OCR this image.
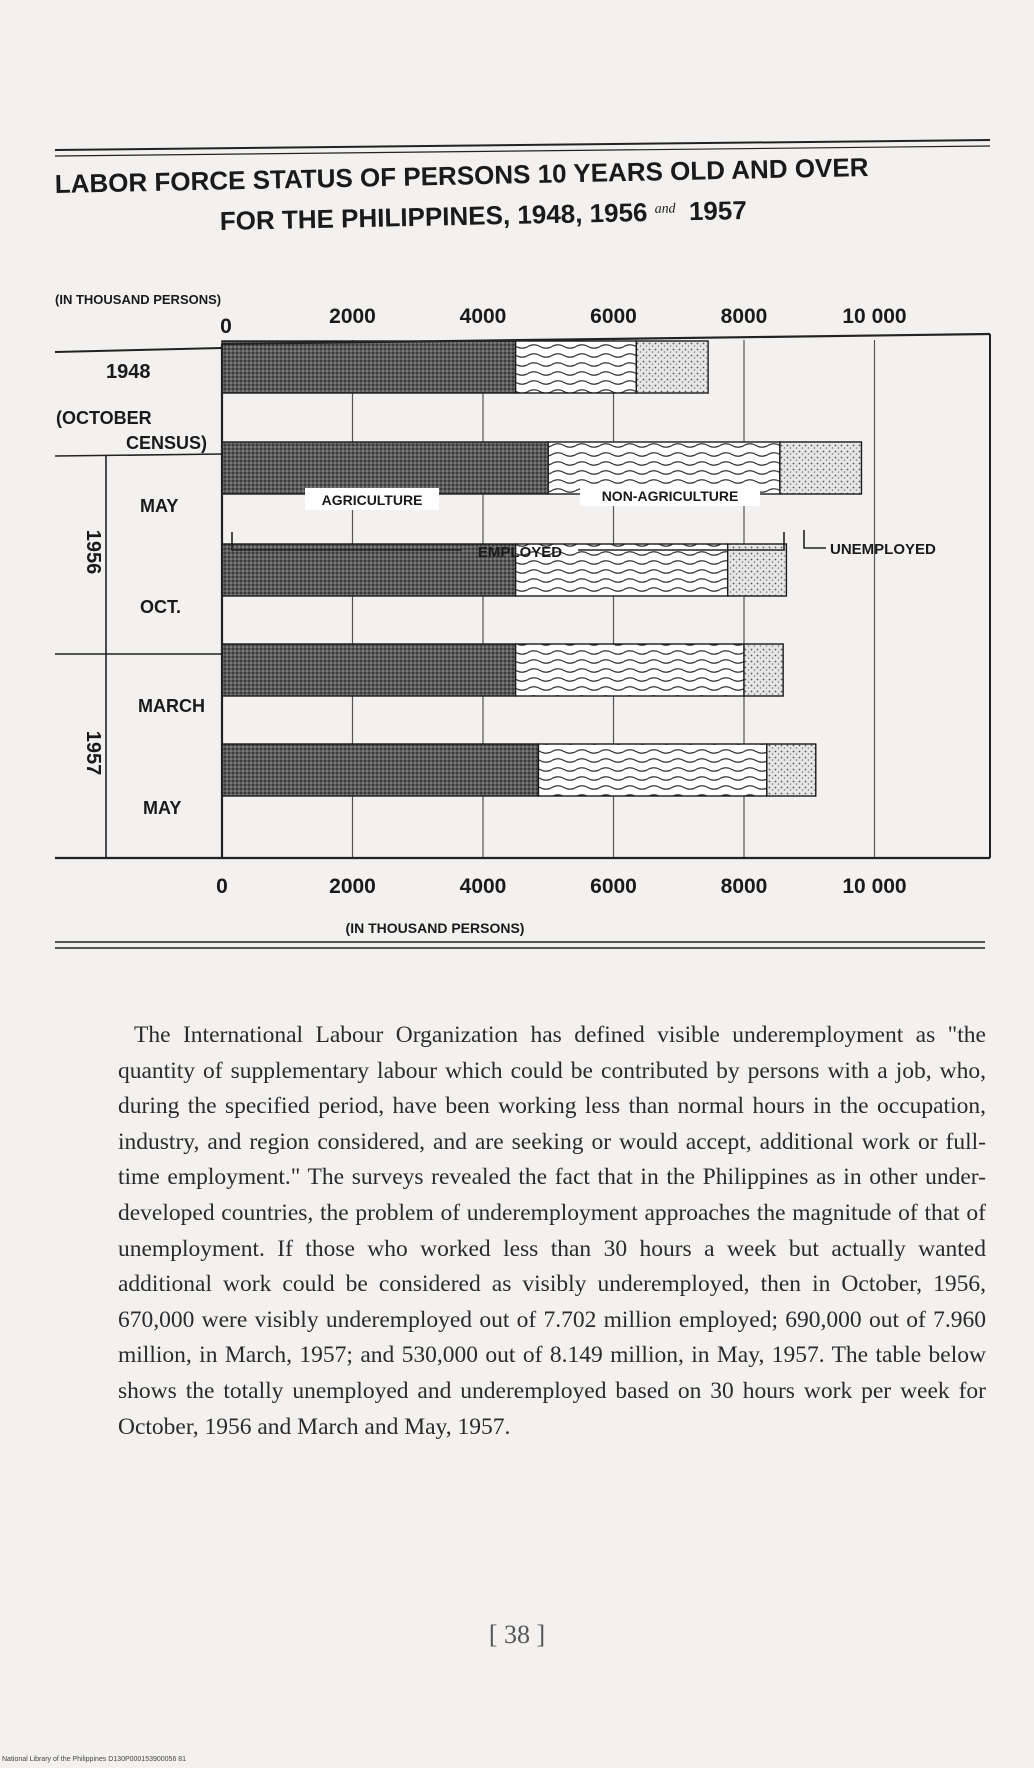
LABOR FORCE STATUS OF PERSONS 10 YEARS OLD AND OVER
FOR THE PHILIPPINES, 1948, 1956 $^{and}$ 1957
(IN THOUSAND PERSONS)
1956
1957
1948
(OCTOBER
CENSUS)
MAY
OCT.
MARCH
MAY
0	2000	4000	6000	8000	10 000
0	2000	4000	6000	8000	10 000
AGRICULTURE	NON-AGRICULTURE
EMPLOYED	UNEMPLOYED
(IN THOUSAND PERSONS)

The International Labour Organization has defined visible underemployment as "the quantity of supplementary labour which could be contributed by persons with a job, who, during the specified period, have been working less than normal hours in the occupation, industry, and region considered, and are seeking or would accept, additional work or full-time employment." The surveys revealed the fact that in the Philippines as in other under-developed countries, the problem of underemployment approaches the magnitude of that of unemployment. If those who worked less than 30 hours a week but actually wanted additional work could be considered as visibly underemployed, then in October, 1956, 670,000 were visibly underemployed out of 7.702 million employed; 690,000 out of 7.960 million, in March, 1957; and 530,000 out of 8.149 million, in May, 1957. The table below shows the totally unemployed and underemployed based on 30 hours work per week for October, 1956 and March and May, 1957.

[ 38 ]
National Library of the Philippines D130P000153900056 81
